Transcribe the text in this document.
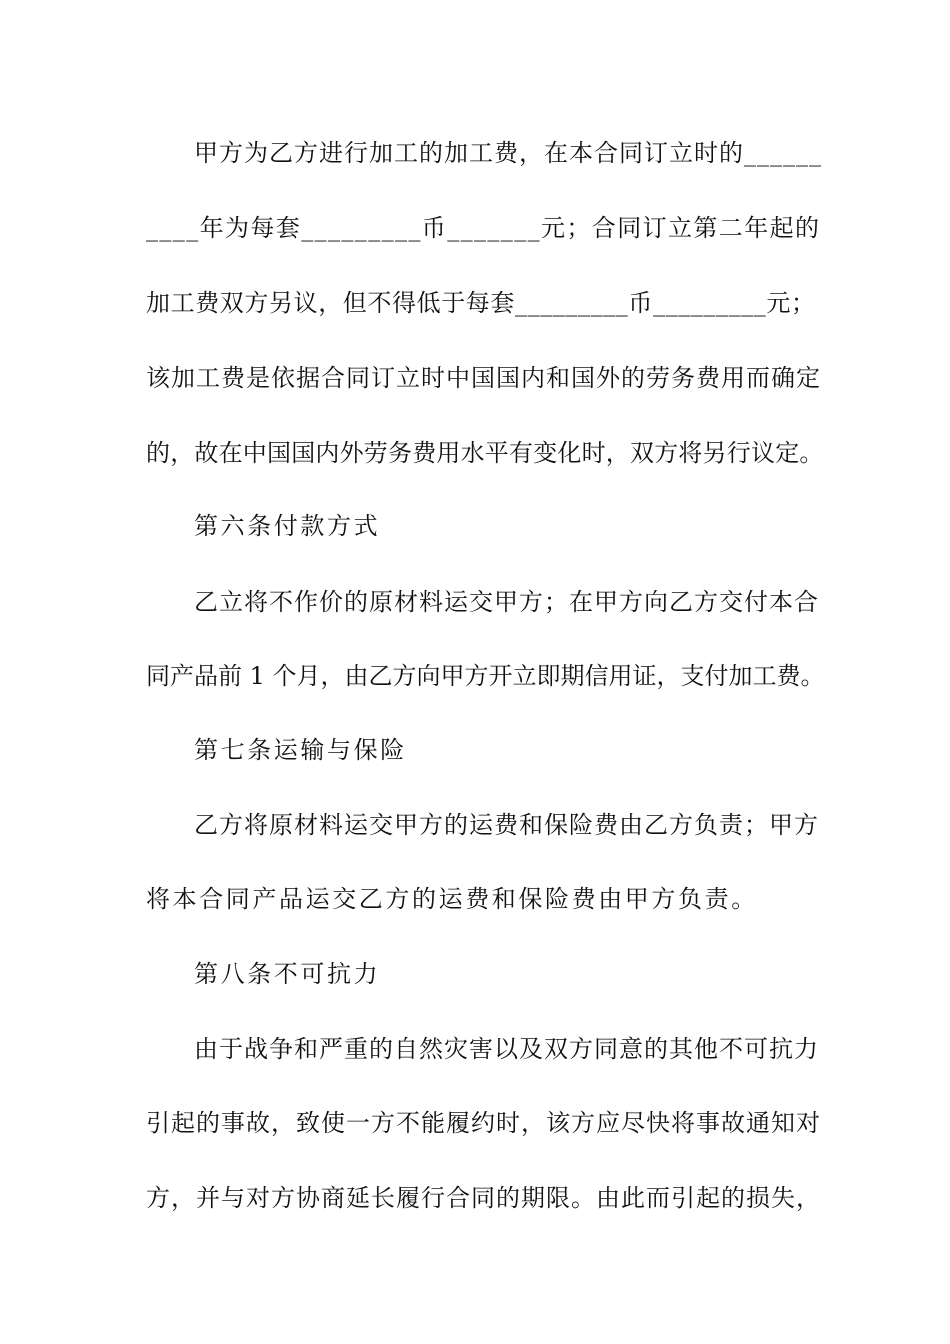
甲方为乙方进行加工的加工费，在本合同订立时的______
____年为每套_________币_______元；合同订立第二年起的
加工费双方另议，但不得低于每套_________币_________元；
该加工费是依据合同订立时中国国内和国外的劳务费用而确定
的，故在中国国内外劳务费用水平有变化时，双方将另行议定。
第六条付款方式
乙立将不作价的原材料运交甲方；在甲方向乙方交付本合
同产品前 1 个月，由乙方向甲方开立即期信用证，支付加工费。
第七条运输与保险
乙方将原材料运交甲方的运费和保险费由乙方负责；甲方
将本合同产品运交乙方的运费和保险费由甲方负责。
第八条不可抗力
由于战争和严重的自然灾害以及双方同意的其他不可抗力
引起的事故，致使一方不能履约时，该方应尽快将事故通知对
方，并与对方协商延长履行合同的期限。由此而引起的损失，
